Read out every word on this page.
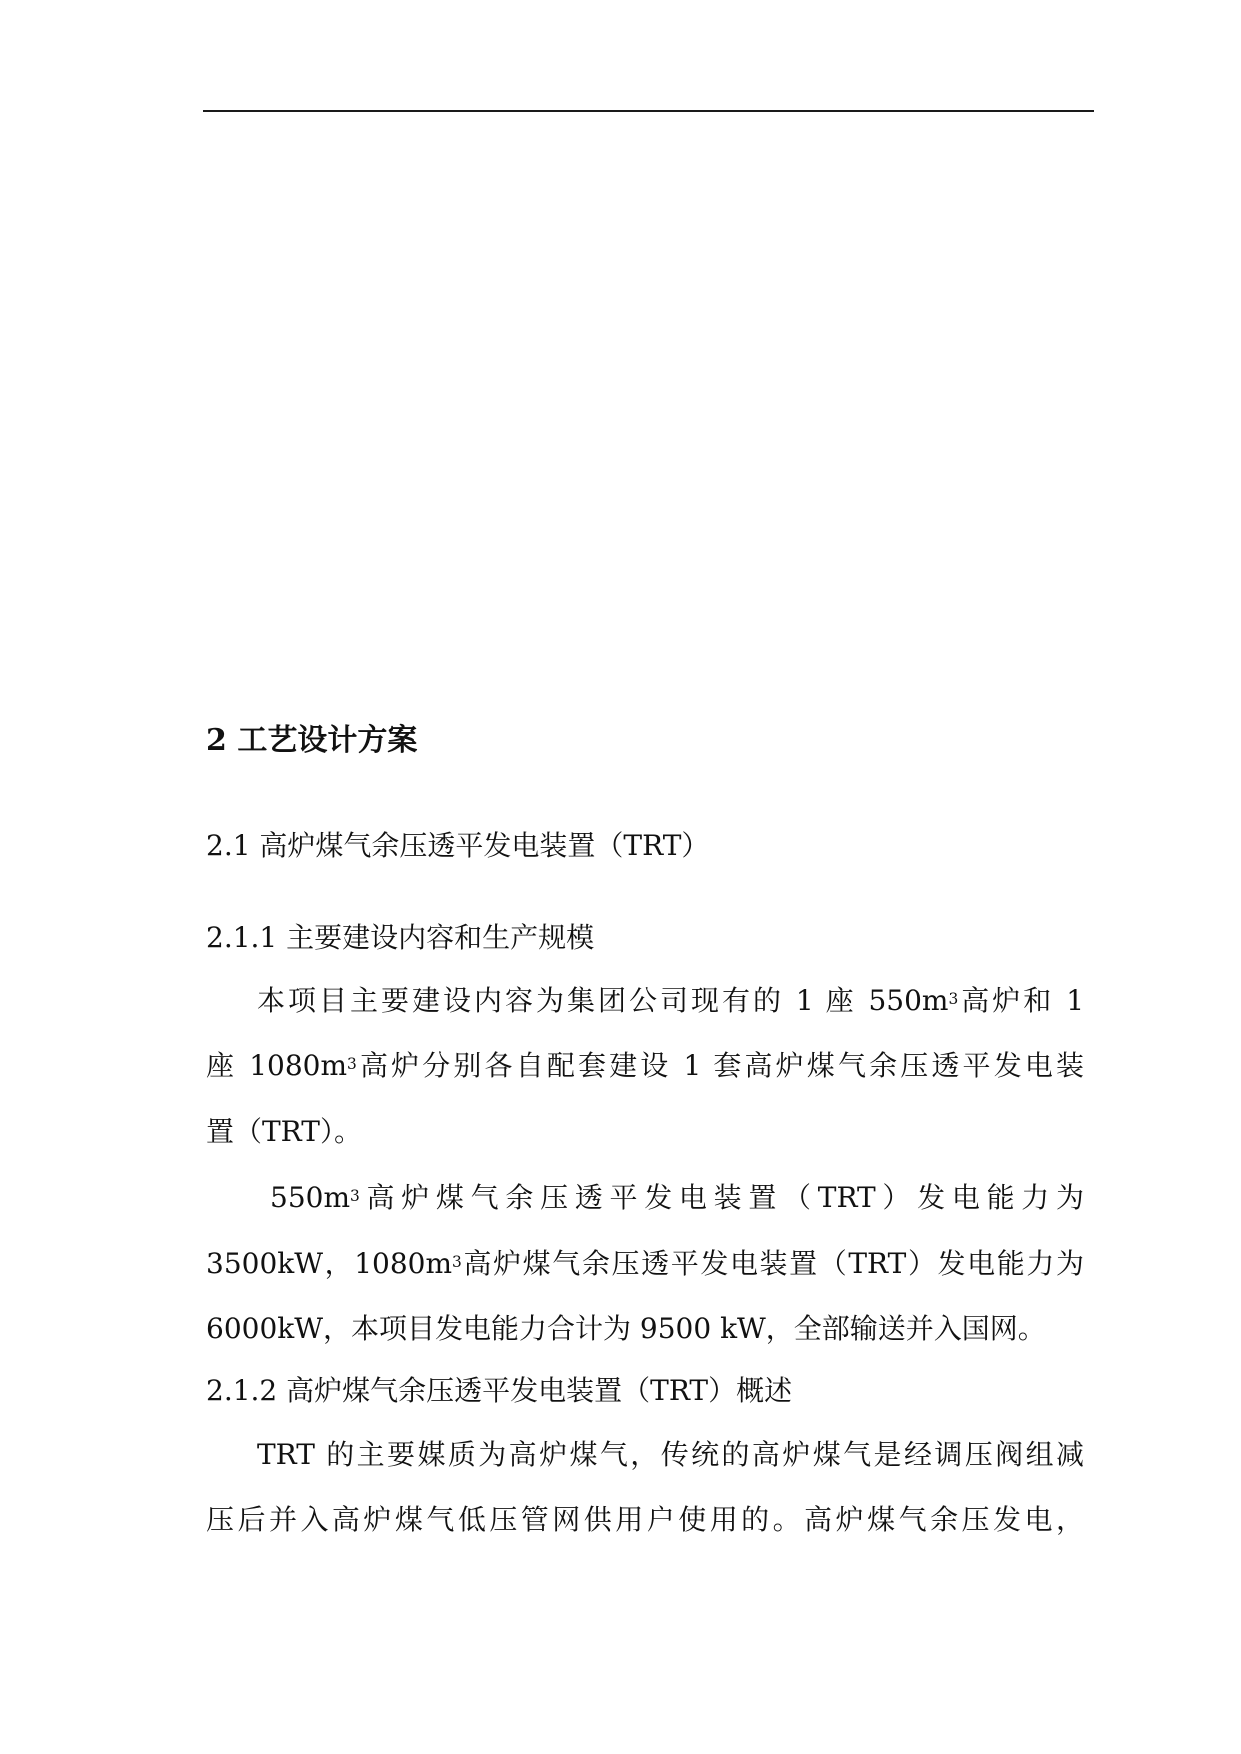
2 工艺设计方案
2.1 高炉煤气余压透平发电装置（TRT）
2.1.1 主要建设内容和生产规模
本项目主要建设内容为集团公司现有的 1 座 $550m^3$高炉和 1
座 $1080m^3$高炉分别各自配套建设 1 套高炉煤气余压透平发电装
置（TRT）。
$550m^3$高炉煤气余压透平发电装置（TRT）发电能力为
3500kW，$1080m^3$高炉煤气余压透平发电装置（TRT）发电能力为
6000kW，本项目发电能力合计为 9500 kW，全部输送并入国网。
2.1.2 高炉煤气余压透平发电装置（TRT）概述
TRT 的主要媒质为高炉煤气，传统的高炉煤气是经调压阀组减
压后并入高炉煤气低压管网供用户使用的。高炉煤气余压发电，
